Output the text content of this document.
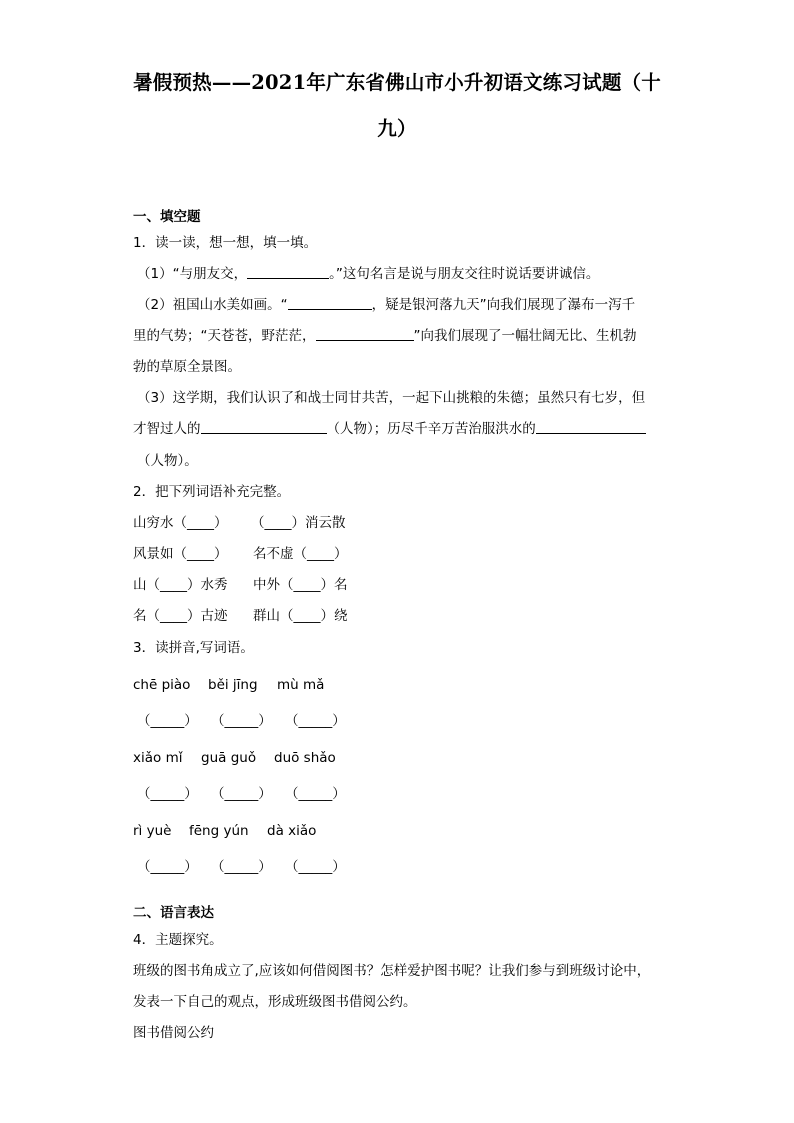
暑假预热——2021年广东省佛山市小升初语文练习试题（十
九）
一、填空题
1．读一读，想一想，填一填。
（1）“与朋友交，	。”这句名言是说与朋友交往时说话要讲诚信。
（2）祖国山水美如画。“	，疑是银河落九天”向我们展现了瀑布一泻千
里的气势；“天苍苍，野茫茫，	”向我们展现了一幅壮阔无比、生机勃
勃的草原全景图。
（3）这学期，我们认识了和战士同甘共苦，一起下山挑粮的朱德；虽然只有七岁，但
才智过人的	（人物）；历尽千辛万苦治服洪水的
（人物）。
2．把下列词语补充完整。
山穷水（____） （____）消云散
风景如（____） 名不虚（____）
山（____）水秀 中外（____）名
名（____）古迹 群山（____）绕
3．读拼音,写词语。
chē piào běi jīng mù mǎ
（_____） （_____） （_____）
xiǎo mǐ guā guǒ duō shǎo
（_____） （_____） （_____）
rì yuè fēng yún dà xiǎo
（_____） （_____） （_____）
二、语言表达
4．主题探究。
班级的图书角成立了,应该如何借阅图书？怎样爱护图书呢？让我们参与到班级讨论中，
发表一下自己的观点，形成班级图书借阅公约。
图书借阅公约
